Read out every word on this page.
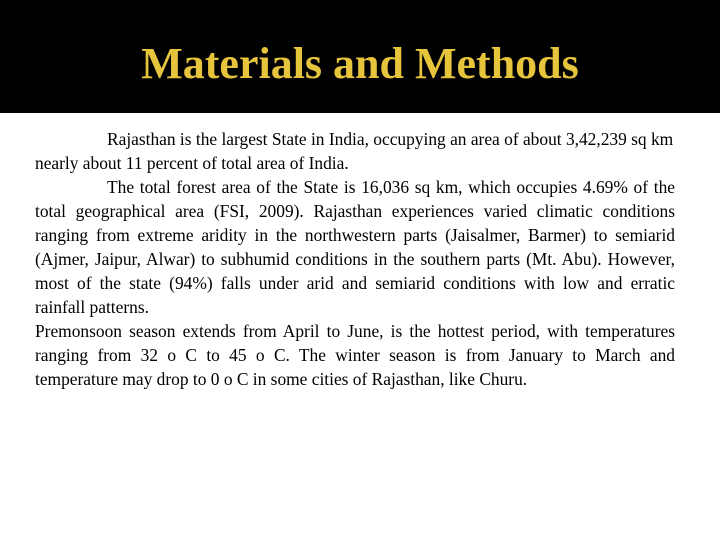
Materials and Methods

Rajasthan is the largest State in India, occupying an area of about 3,42,239 sq km nearly about 11 percent of total area of India.

The total forest area of the State is 16,036 sq km, which occupies 4.69% of the total geographical area (FSI, 2009). Rajasthan experiences varied climatic conditions ranging from extreme aridity in the northwestern parts (Jaisalmer, Barmer) to semiarid (Ajmer, Jaipur, Alwar) to subhumid conditions in the southern parts (Mt. Abu). However, most of the state (94%) falls under arid and semiarid conditions with low and erratic rainfall patterns.

Premonsoon season extends from April to June, is the hottest period, with temperatures ranging from 32 o C to 45 o C. The winter season is from January to March and temperature may drop to 0 o C in some cities of Rajasthan, like Churu.
